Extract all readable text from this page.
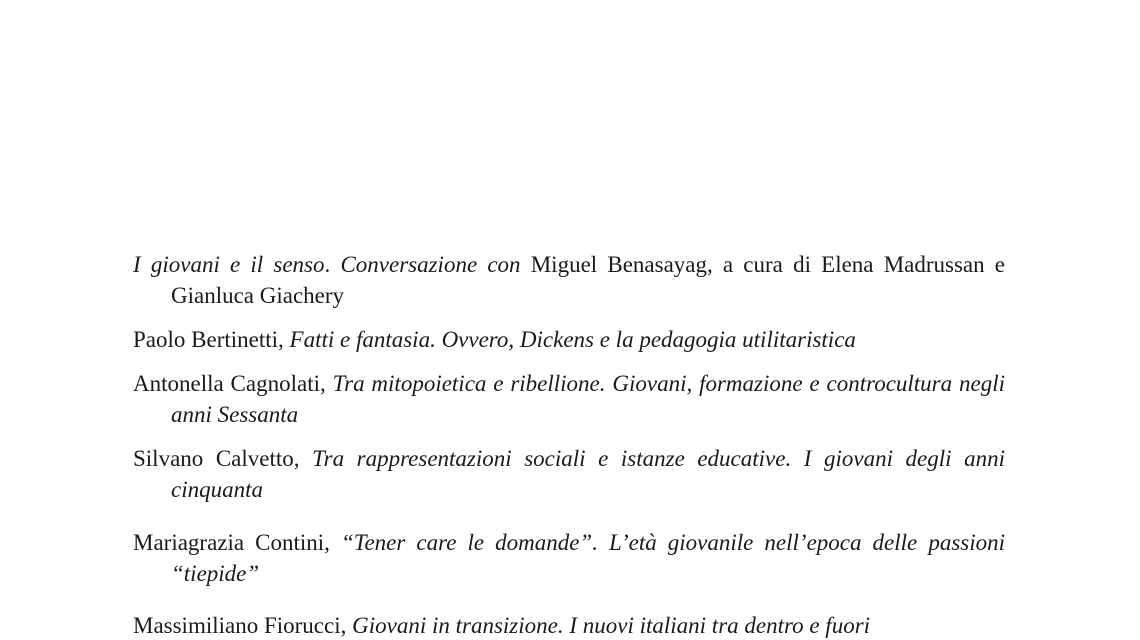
I giovani e il senso. Conversazione con Miguel Benasayag, a cura di Elena Madrussan e Gianluca Giachery
Paolo Bertinetti, Fatti e fantasia. Ovvero, Dickens e la pedagogia utilitaristica
Antonella Cagnolati, Tra mitopoietica e ribellione. Giovani, formazione e controcultura negli anni Sessanta
Silvano Calvetto, Tra rappresentazioni sociali e istanze educative. I giovani degli anni cinquanta
Mariagrazia Contini, “Tener care le domande”. L’età giovanile nell’epoca delle passioni “tiepide”
Massimiliano Fiorucci, Giovani in transizione. I nuovi italiani tra dentro e fuori
